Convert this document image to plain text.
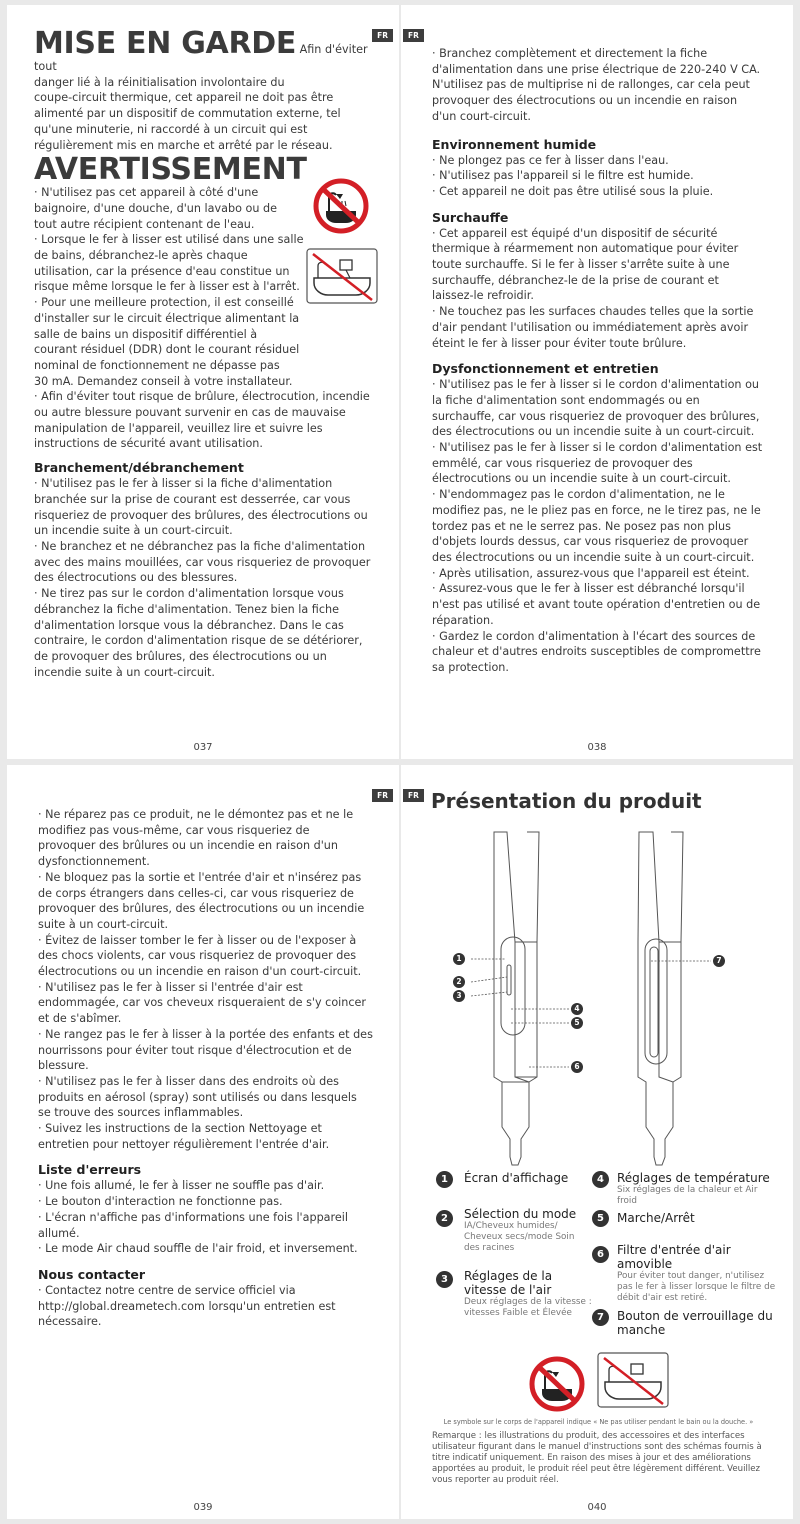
FR
MISE EN GARDE Afin d'éviter tout
danger lié à la réinitialisation involontaire du
coupe-circuit thermique, cet appareil ne doit pas être
alimenté par un dispositif de commutation externe, tel
qu'une minuterie, ni raccordé à un circuit qui est
régulièrement mis en marche et arrêté par le réseau.
AVERTISSEMENT
· N'utilisez pas cet appareil à côté d'une
baignoire, d'une douche, d'un lavabo ou de
tout autre récipient contenant de l'eau.
· Lorsque le fer à lisser est utilisé dans une salle
de bains, débranchez-le après chaque
utilisation, car la présence d'eau constitue un
risque même lorsque le fer à lisser est à l'arrêt.
· Pour une meilleure protection, il est conseillé
d'installer sur le circuit électrique alimentant la
salle de bains un dispositif différentiel à
courant résiduel (DDR) dont le courant résiduel
nominal de fonctionnement ne dépasse pas
30 mA. Demandez conseil à votre installateur.
· Afin d'éviter tout risque de brûlure, électrocution, incendie
ou autre blessure pouvant survenir en cas de mauvaise
manipulation de l'appareil, veuillez lire et suivre les
instructions de sécurité avant utilisation.
Branchement/débranchement
· N'utilisez pas le fer à lisser si la fiche d'alimentation
branchée sur la prise de courant est desserrée, car vous
risqueriez de provoquer des brûlures, des électrocutions ou
un incendie suite à un court-circuit.
· Ne branchez et ne débranchez pas la fiche d'alimentation
avec des mains mouillées, car vous risqueriez de provoquer
des électrocutions ou des blessures.
· Ne tirez pas sur le cordon d'alimentation lorsque vous
débranchez la fiche d'alimentation. Tenez bien la fiche
d'alimentation lorsque vous la débranchez. Dans le cas
contraire, le cordon d'alimentation risque de se détériorer,
de provoquer des brûlures, des électrocutions ou un
incendie suite à un court-circuit.
037
FR
· Branchez complètement et directement la fiche
d'alimentation dans une prise électrique de 220-240 V CA.
N'utilisez pas de multiprise ni de rallonges, car cela peut
provoquer des électrocutions ou un incendie en raison
d'un court-circuit.
Environnement humide
· Ne plongez pas ce fer à lisser dans l'eau.
· N'utilisez pas l'appareil si le filtre est humide.
· Cet appareil ne doit pas être utilisé sous la pluie.
Surchauffe
· Cet appareil est équipé d'un dispositif de sécurité
thermique à réarmement non automatique pour éviter
toute surchauffe. Si le fer à lisser s'arrête suite à une
surchauffe, débranchez-le de la prise de courant et
laissez-le refroidir.
· Ne touchez pas les surfaces chaudes telles que la sortie
d'air pendant l'utilisation ou immédiatement après avoir
éteint le fer à lisser pour éviter toute brûlure.
Dysfonctionnement et entretien
· N'utilisez pas le fer à lisser si le cordon d'alimentation ou
la fiche d'alimentation sont endommagés ou en
surchauffe, car vous risqueriez de provoquer des brûlures,
des électrocutions ou un incendie suite à un court-circuit.
· N'utilisez pas le fer à lisser si le cordon d'alimentation est
emmêlé, car vous risqueriez de provoquer des
électrocutions ou un incendie suite à un court-circuit.
· N'endommagez pas le cordon d'alimentation, ne le
modifiez pas, ne le pliez pas en force, ne le tirez pas, ne le
tordez pas et ne le serrez pas. Ne posez pas non plus
d'objets lourds dessus, car vous risqueriez de provoquer
des électrocutions ou un incendie suite à un court-circuit.
· Après utilisation, assurez-vous que l'appareil est éteint.
· Assurez-vous que le fer à lisser est débranché lorsqu'il
n'est pas utilisé et avant toute opération d'entretien ou de
réparation.
· Gardez le cordon d'alimentation à l'écart des sources de
chaleur et d'autres endroits susceptibles de compromettre
sa protection.
038
FR
· Ne réparez pas ce produit, ne le démontez pas et ne le
modifiez pas vous-même, car vous risqueriez de
provoquer des brûlures ou un incendie en raison d'un
dysfonctionnement.
· Ne bloquez pas la sortie et l'entrée d'air et n'insérez pas
de corps étrangers dans celles-ci, car vous risqueriez de
provoquer des brûlures, des électrocutions ou un incendie
suite à un court-circuit.
· Évitez de laisser tomber le fer à lisser ou de l'exposer à
des chocs violents, car vous risqueriez de provoquer des
électrocutions ou un incendie en raison d'un court-circuit.
· N'utilisez pas le fer à lisser si l'entrée d'air est
endommagée, car vos cheveux risqueraient de s'y coincer
et de s'abîmer.
· Ne rangez pas le fer à lisser à la portée des enfants et des
nourrissons pour éviter tout risque d'électrocution et de
blessure.
· N'utilisez pas le fer à lisser dans des endroits où des
produits en aérosol (spray) sont utilisés ou dans lesquels
se trouve des sources inflammables.
· Suivez les instructions de la section Nettoyage et
entretien pour nettoyer régulièrement l'entrée d'air.
Liste d'erreurs
· Une fois allumé, le fer à lisser ne souffle pas d'air.
· Le bouton d'interaction ne fonctionne pas.
· L'écran n'affiche pas d'informations une fois l'appareil
allumé.
· Le mode Air chaud souffle de l'air froid, et inversement.
Nous contacter
· Contactez notre centre de service officiel via
http://global.dreametech.com lorsqu'un entretien est
nécessaire.
039
FR Présentation du produit
1
2
3
4
5
6
7
1	Écran d'affichage
2	Sélection du mode
IA/Cheveux humides/
Cheveux secs/mode Soin
des racines
3	Réglages de la vitesse de l'air
Deux réglages de la vitesse :
vitesses Faible et Élevée
4	Réglages de température
Six réglages de la chaleur et Air
froid
5	Marche/Arrêt
6	Filtre d'entrée d'air amovible
Pour éviter tout danger, n'utilisez
pas le fer à lisser lorsque le filtre de
débit d'air est retiré.
7	Bouton de verrouillage du manche
Le symbole sur le corps de l'appareil indique « Ne pas utiliser pendant le bain ou la douche. »
Remarque : les illustrations du produit, des accessoires et des interfaces
utilisateur figurant dans le manuel d'instructions sont des schémas fournis à
titre indicatif uniquement. En raison des mises à jour et des améliorations
apportées au produit, le produit réel peut être légèrement différent. Veuillez
vous reporter au produit réel.
040
